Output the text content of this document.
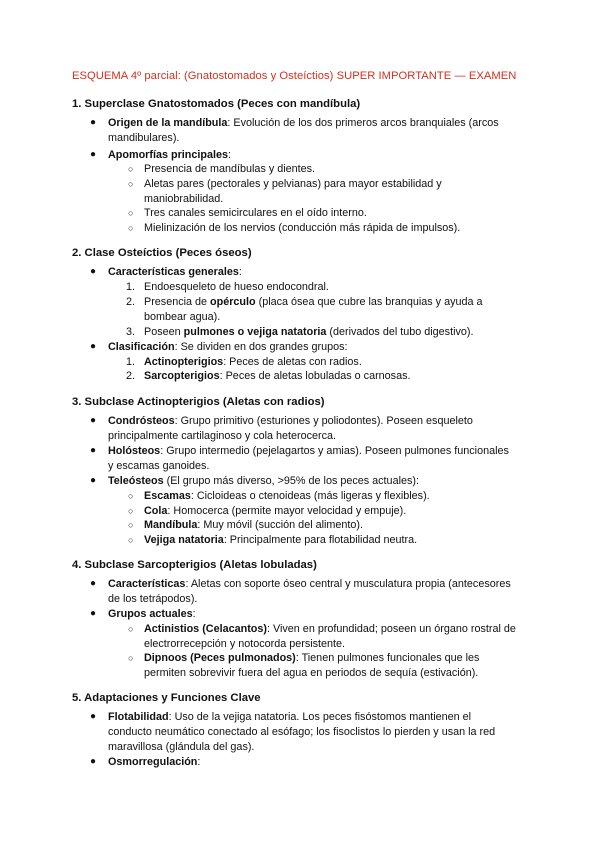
ESQUEMA 4º parcial: (Gnatostomados y Osteíctios) SUPER IMPORTANTE — EXAMEN
1. Superclase Gnatostomados (Peces con mandíbula)
● Origen de la mandíbula: Evolución de los dos primeros arcos branquiales (arcos
mandibulares).
● Apomorfías principales:
○ Presencia de mandíbulas y dientes.
○ Aletas pares (pectorales y pelvianas) para mayor estabilidad y
maniobrabilidad.
○ Tres canales semicirculares en el oído interno.
○ Mielinización de los nervios (conducción más rápida de impulsos).
2. Clase Osteíctios (Peces óseos)
● Características generales:
1. Endoesqueleto de hueso endocondral.
2. Presencia de opérculo (placa ósea que cubre las branquias y ayuda a
bombear agua).
3. Poseen pulmones o vejiga natatoria (derivados del tubo digestivo).
● Clasificación: Se dividen en dos grandes grupos:
1. Actinopterigios: Peces de aletas con radios.
2. Sarcopterigios: Peces de aletas lobuladas o carnosas.
3. Subclase Actinopterigios (Aletas con radios)
● Condrósteos: Grupo primitivo (esturiones y poliodontes). Poseen esqueleto
principalmente cartilaginoso y cola heterocerca.
● Holósteos: Grupo intermedio (pejelagartos y amias). Poseen pulmones funcionales
y escamas ganoides.
● Teleósteos (El grupo más diverso, >95% de los peces actuales):
○ Escamas: Cicloideas o ctenoideas (más ligeras y flexibles).
○ Cola: Homocerca (permite mayor velocidad y empuje).
○ Mandíbula: Muy móvil (succión del alimento).
○ Vejiga natatoria: Principalmente para flotabilidad neutra.
4. Subclase Sarcopterigios (Aletas lobuladas)
● Características: Aletas con soporte óseo central y musculatura propia (antecesores
de los tetrápodos).
● Grupos actuales:
○ Actinistios (Celacantos): Viven en profundidad; poseen un órgano rostral de
electrorrecepción y notocorda persistente.
○ Dipnoos (Peces pulmonados): Tienen pulmones funcionales que les
permiten sobrevivir fuera del agua en periodos de sequía (estivación).
5. Adaptaciones y Funciones Clave
● Flotabilidad: Uso de la vejiga natatoria. Los peces fisóstomos mantienen el
conducto neumático conectado al esófago; los fisoclistos lo pierden y usan la red
maravillosa (glándula del gas).
● Osmorregulación:
